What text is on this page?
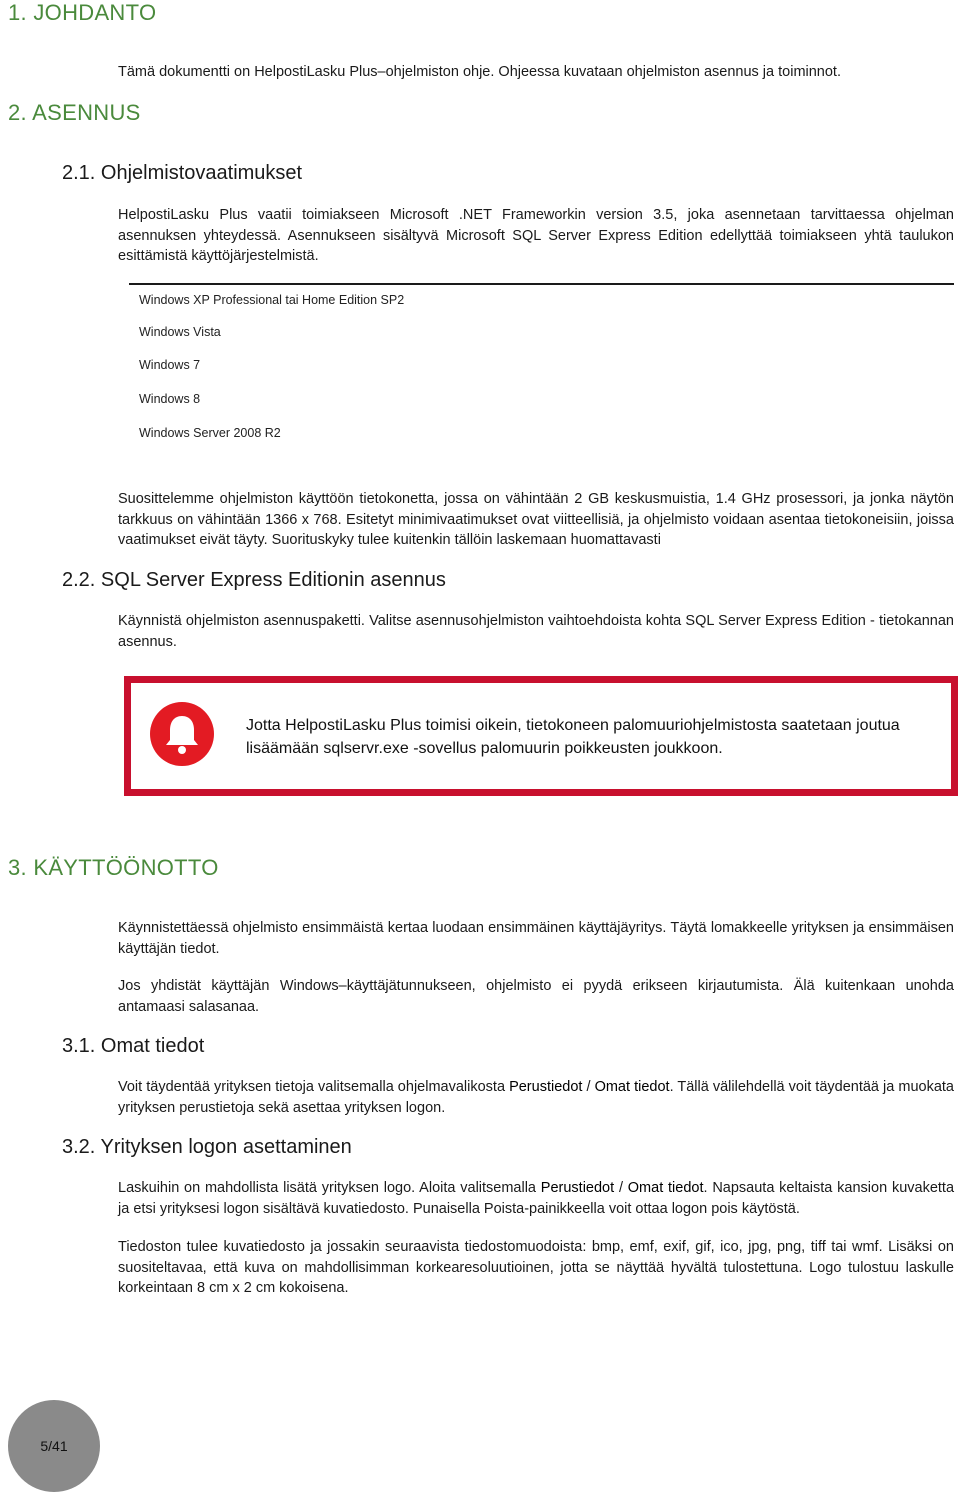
1. JOHDANTO
Tämä dokumentti on HelpostiLasku Plus–ohjelmiston ohje. Ohjeessa kuvataan ohjelmiston asennus ja toiminnot.
2. ASENNUS
2.1. Ohjelmistovaatimukset
HelpostiLasku Plus vaatii toimiakseen Microsoft .NET Frameworkin version 3.5, joka asennetaan tarvittaessa ohjelman asennuksen yhteydessä. Asennukseen sisältyvä Microsoft SQL Server Express Edition edellyttää toimiakseen yhtä taulukon esittämistä käyttöjärjestelmistä.
Windows XP Professional tai Home Edition SP2
Windows Vista
Windows 7
Windows 8
Windows Server 2008 R2
Suosittelemme ohjelmiston käyttöön tietokonetta, jossa on vähintään 2 GB keskusmuistia, 1.4 GHz prosessori, ja jonka näytön tarkkuus on vähintään 1366 x 768. Esitetyt minimivaatimukset ovat viitteellisiä, ja ohjelmisto voidaan asentaa tietokoneisiin, joissa vaatimukset eivät täyty. Suorituskyky tulee kuitenkin tällöin laskemaan huomattavasti
2.2. SQL Server Express Editionin asennus
Käynnistä ohjelmiston asennuspaketti. Valitse asennusohjelmiston vaihtoehdoista kohta SQL Server Express Edition - tietokannan asennus.
Jotta HelpostiLasku Plus toimisi oikein, tietokoneen palomuuriohjelmistosta saatetaan joutua lisäämään sqlservr.exe -sovellus palomuurin poikkeusten joukkoon.
3. KÄYTTÖÖNOTTO
Käynnistettäessä ohjelmisto ensimmäistä kertaa luodaan ensimmäinen käyttäjäyritys. Täytä lomakkeelle yrityksen ja ensimmäisen käyttäjän tiedot.
Jos yhdistät käyttäjän Windows–käyttäjätunnukseen, ohjelmisto ei pyydä erikseen kirjautumista. Älä kuitenkaan unohda antamaasi salasanaa.
3.1. Omat tiedot
Voit täydentää yrityksen tietoja valitsemalla ohjelmavalikosta Perustiedot / Omat tiedot. Tällä välilehdellä voit täydentää ja muokata yrityksen perustietoja sekä asettaa yrityksen logon.
3.2. Yrityksen logon asettaminen
Laskuihin on mahdollista lisätä yrityksen logo. Aloita valitsemalla Perustiedot / Omat tiedot. Napsauta keltaista kansion kuvaketta ja etsi yrityksesi logon sisältävä kuvatiedosto. Punaisella Poista-painikkeella voit ottaa logon pois käytöstä.
Tiedoston tulee kuvatiedosto ja jossakin seuraavista tiedostomuodoista: bmp, emf, exif, gif, ico, jpg, png, tiff tai wmf. Lisäksi on suositeltavaa, että kuva on mahdollisimman korkearesoluutioinen, jotta se näyttää hyvältä tulostettuna. Logo tulostuu laskulle korkeintaan 8 cm x 2 cm kokoisena.
5/41
